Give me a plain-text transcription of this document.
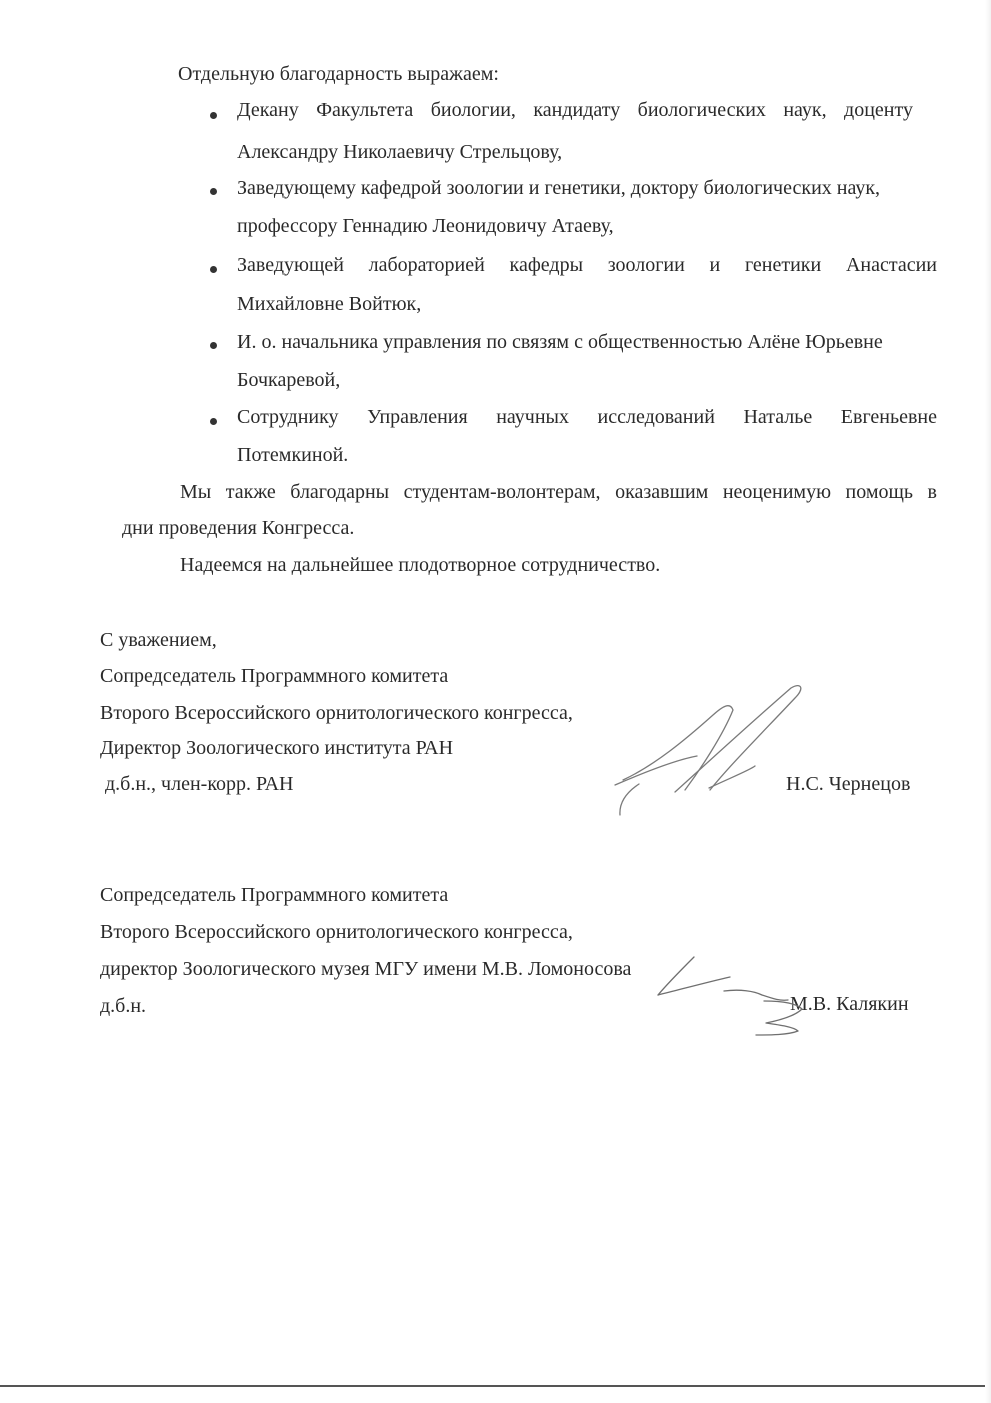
Отдельную благодарность выражаем:
Декану Факультета биологии, кандидату биологических наук, доценту
Александру Николаевичу Стрельцову,
Заведующему кафедрой зоологии и генетики, доктору биологических наук,
профессору Геннадию Леонидовичу Атаеву,
Заведующей лабораторией кафедры зоологии и генетики Анастасии
Михайловне Войтюк,
И. о. начальника управления по связям с общественностью Алёне Юрьевне
Бочкаревой,
Сотруднику Управления научных исследований Наталье Евгеньевне
Потемкиной.
Мы также благодарны студентам-волонтерам, оказавшим неоценимую помощь в
дни проведения Конгресса.
Надеемся на дальнейшее плодотворное сотрудничество.
С уважением,
Сопредседатель Программного комитета
Второго Всероссийского орнитологического конгресса,
Директор Зоологического института РАН
д.б.н., член-корр. РАН	Н.С. Чернецов
Сопредседатель Программного комитета
Второго Всероссийского орнитологического конгресса,
директор Зоологического музея МГУ имени М.В. Ломоносова
д.б.н.	М.В. Калякин
